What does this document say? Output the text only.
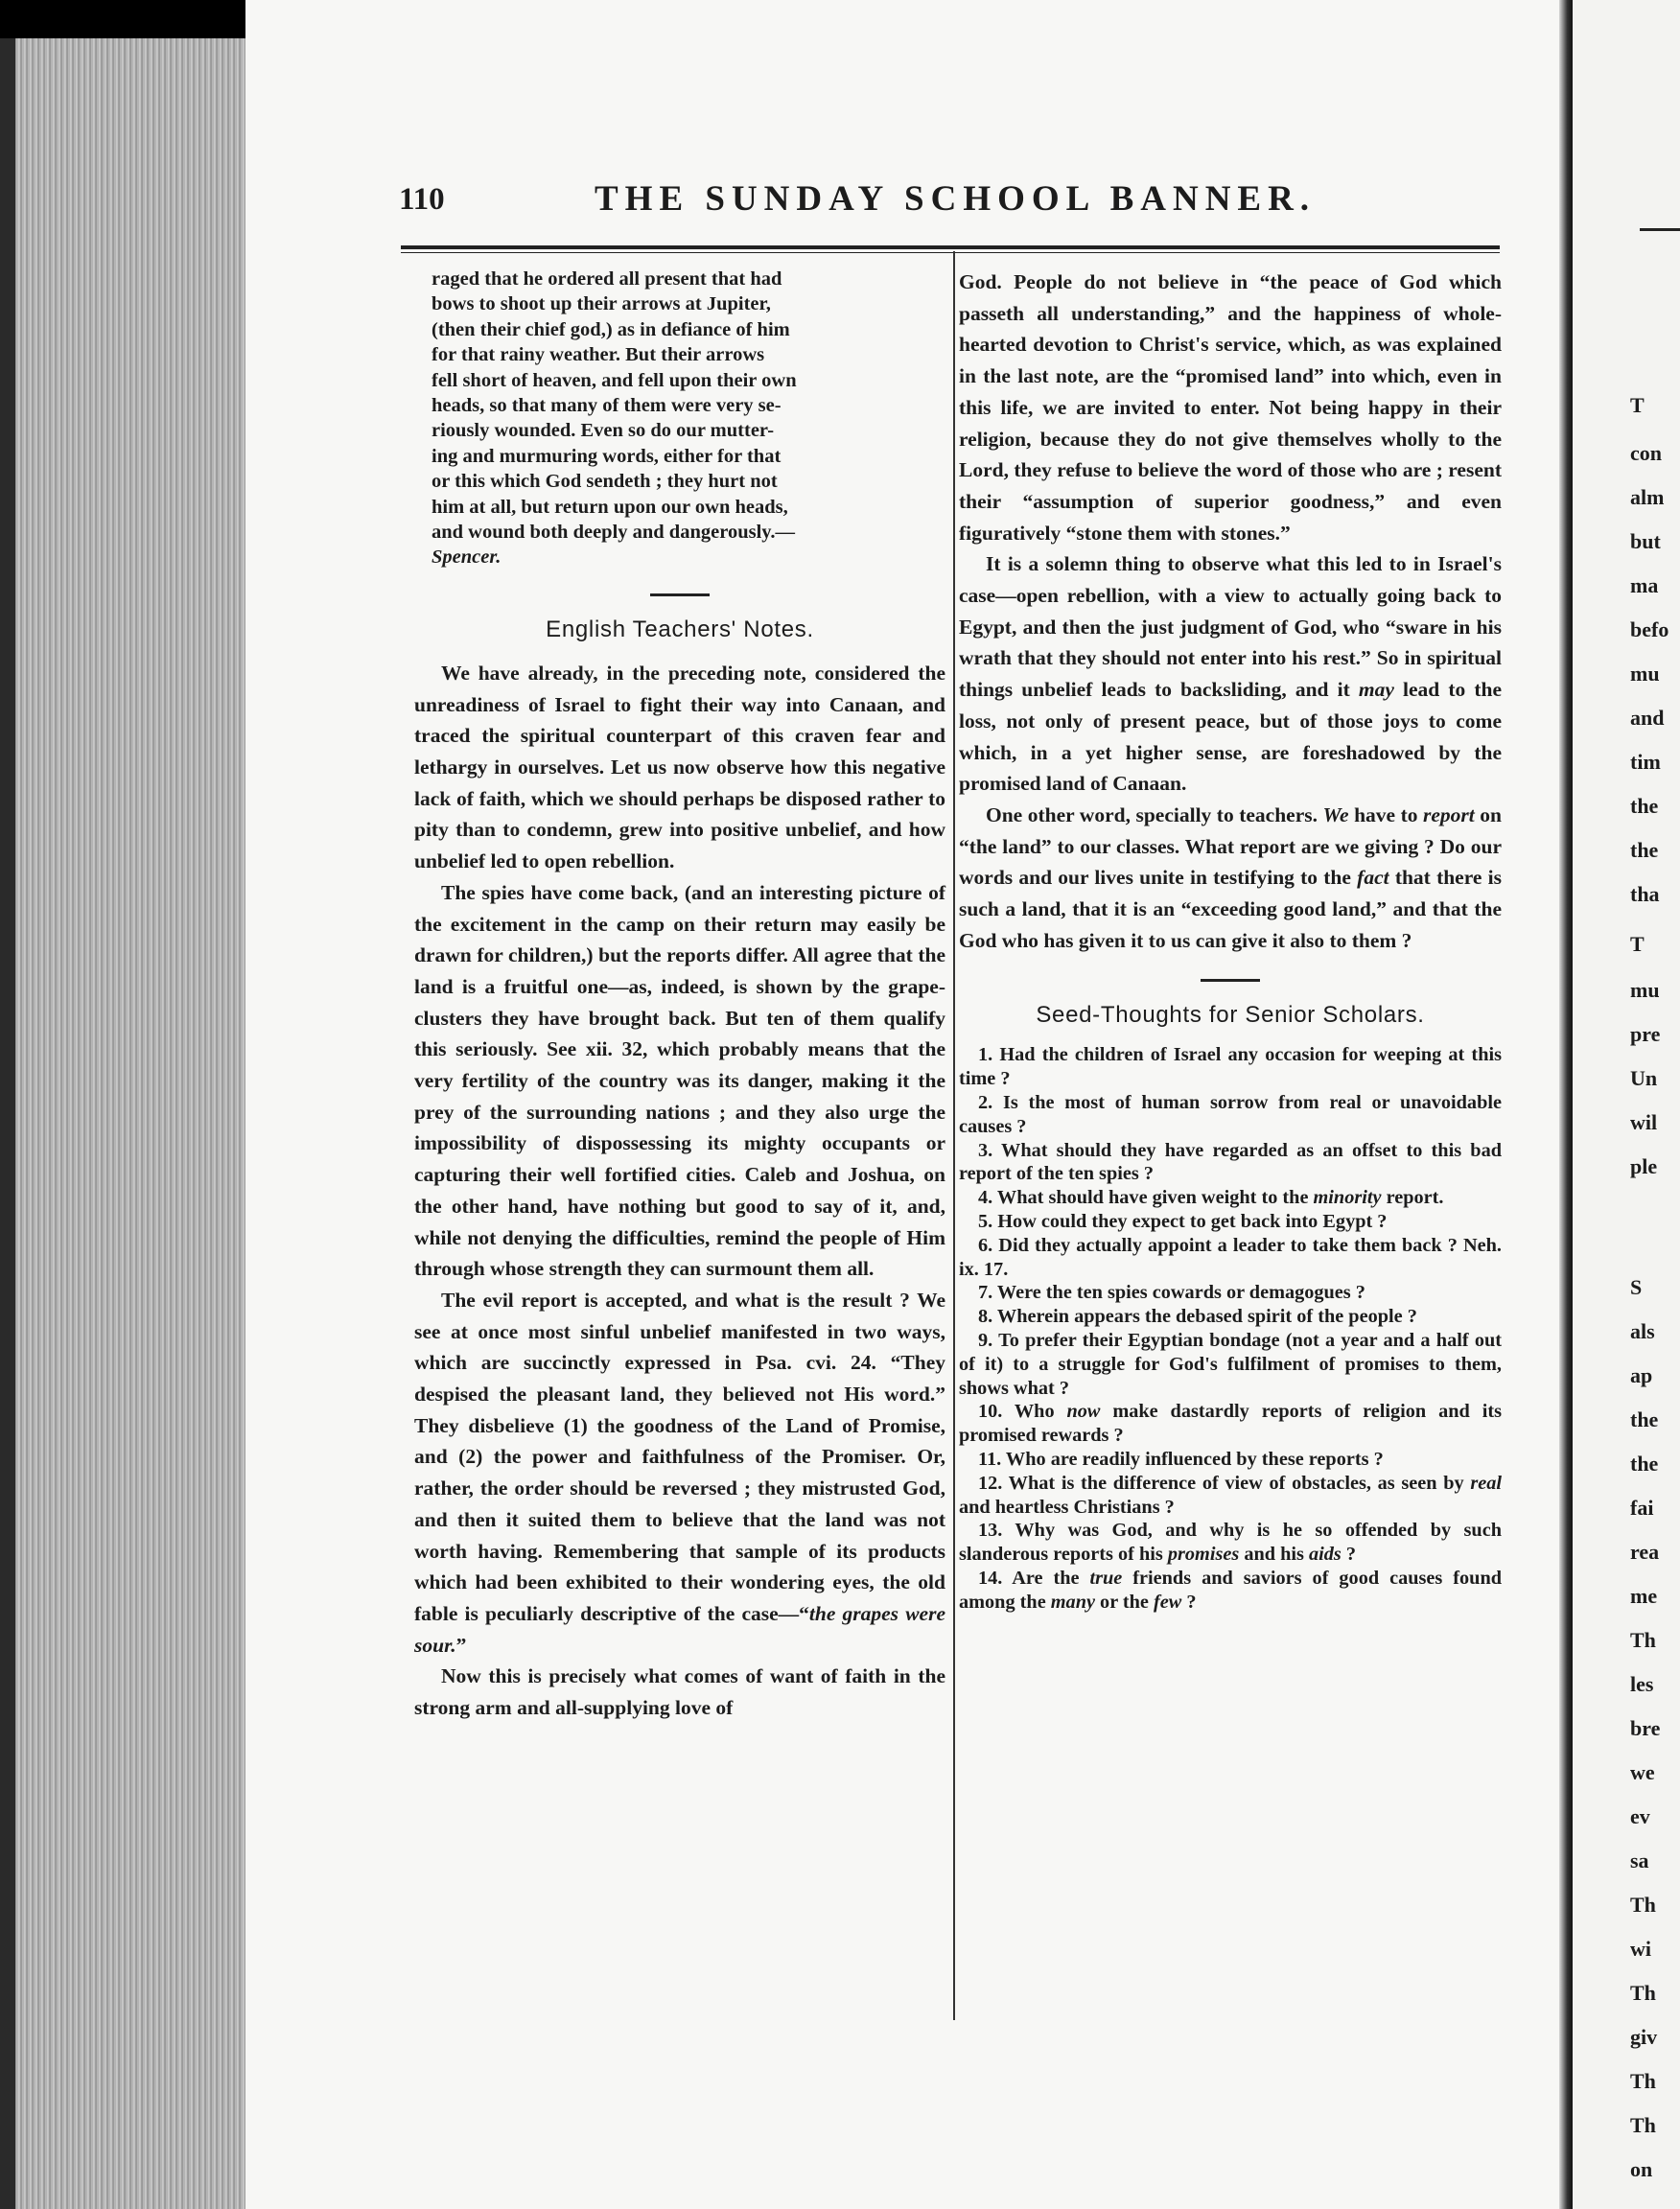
110	THE SUNDAY SCHOOL BANNER.
raged that he ordered all present that had
bows to shoot up their arrows at Jupiter,
(then their chief god,) as in defiance of him
for that rainy weather. But their arrows
fell short of heaven, and fell upon their own
heads, so that many of them were very se-
riously wounded. Even so do our mutter-
ing and murmuring words, either for that
or this which God sendeth ; they hurt not
him at all, but return upon our own heads,
and wound both deeply and dangerously.—
Spencer.
English Teachers' Notes.

We have already, in the preceding note, considered the unreadiness of Israel to fight their way into Canaan, and traced the spiritual counterpart of this craven fear and lethargy in ourselves. Let us now observe how this negative lack of faith, which we should perhaps be disposed rather to pity than to condemn, grew into positive unbelief, and how unbelief led to open rebellion.

The spies have come back, (and an interesting picture of the excitement in the camp on their return may easily be drawn for children,) but the reports differ. All agree that the land is a fruitful one—as, indeed, is shown by the grape-clusters they have brought back. But ten of them qualify this seriously. See xii. 32, which probably means that the very fertility of the country was its danger, making it the prey of the surrounding nations ; and they also urge the impossibility of dispossessing its mighty occupants or capturing their well fortified cities. Caleb and Joshua, on the other hand, have nothing but good to say of it, and, while not denying the difficulties, remind the people of Him through whose strength they can surmount them all.

The evil report is accepted, and what is the result ? We see at once most sinful unbelief manifested in two ways, which are succinctly expressed in Psa. cvi. 24. “They despised the pleasant land, they believed not His word.” They disbelieve (1) the goodness of the Land of Promise, and (2) the power and faithfulness of the Promiser. Or, rather, the order should be reversed ; they mistrusted God, and then it suited them to believe that the land was not worth having. Remembering that sample of its products which had been exhibited to their wondering eyes, the old fable is peculiarly descriptive of the case—“the grapes were sour.”

Now this is precisely what comes of want of faith in the strong arm and all-supplying love of

God. People do not believe in “the peace of God which passeth all understanding,” and the happiness of whole-hearted devotion to Christ's service, which, as was explained in the last note, are the “promised land” into which, even in this life, we are invited to enter. Not being happy in their religion, because they do not give themselves wholly to the Lord, they refuse to believe the word of those who are ; resent their “assumption of superior goodness,” and even figuratively “stone them with stones.”

It is a solemn thing to observe what this led to in Israel's case—open rebellion, with a view to actually going back to Egypt, and then the just judgment of God, who “sware in his wrath that they should not enter into his rest.” So in spiritual things unbelief leads to backsliding, and it may lead to the loss, not only of present peace, but of those joys to come which, in a yet higher sense, are foreshadowed by the promised land of Canaan.

One other word, specially to teachers. We have to report on “the land” to our classes. What report are we giving ? Do our words and our lives unite in testifying to the fact that there is such a land, that it is an “exceeding good land,” and that the God who has given it to us can give it also to them ?

Seed-Thoughts for Senior Scholars.
1. Had the children of Israel any occasion for weeping at this time ?
2. Is the most of human sorrow from real or unavoidable causes ?
3. What should they have regarded as an offset to this bad report of the ten spies ?
4. What should have given weight to the minority report.
5. How could they expect to get back into Egypt ?
6. Did they actually appoint a leader to take them back ? Neh. ix. 17.
7. Were the ten spies cowards or demagogues ?
8. Wherein appears the debased spirit of the people ?
9. To prefer their Egyptian bondage (not a year and a half out of it) to a struggle for God's fulfilment of promises to them, shows what ?
10. Who now make dastardly reports of religion and its promised rewards ?
11. Who are readily influenced by these reports ?
12. What is the difference of view of obstacles, as seen by real and heartless Christians ?
13. Why was God, and why is he so offended by such slanderous reports of his promises and his aids ?
14. Are the true friends and saviors of good causes found among the many or the few ?
T
con
alm
but
ma
befo
mu
and
tim
the
the
tha
T
mu
pre
Un
wil
ple
S
als
ap
the
the
fai
rea
me
Th
les
bre
we
ev
sa
Th
wi
Th
giv
Th
Th
on
